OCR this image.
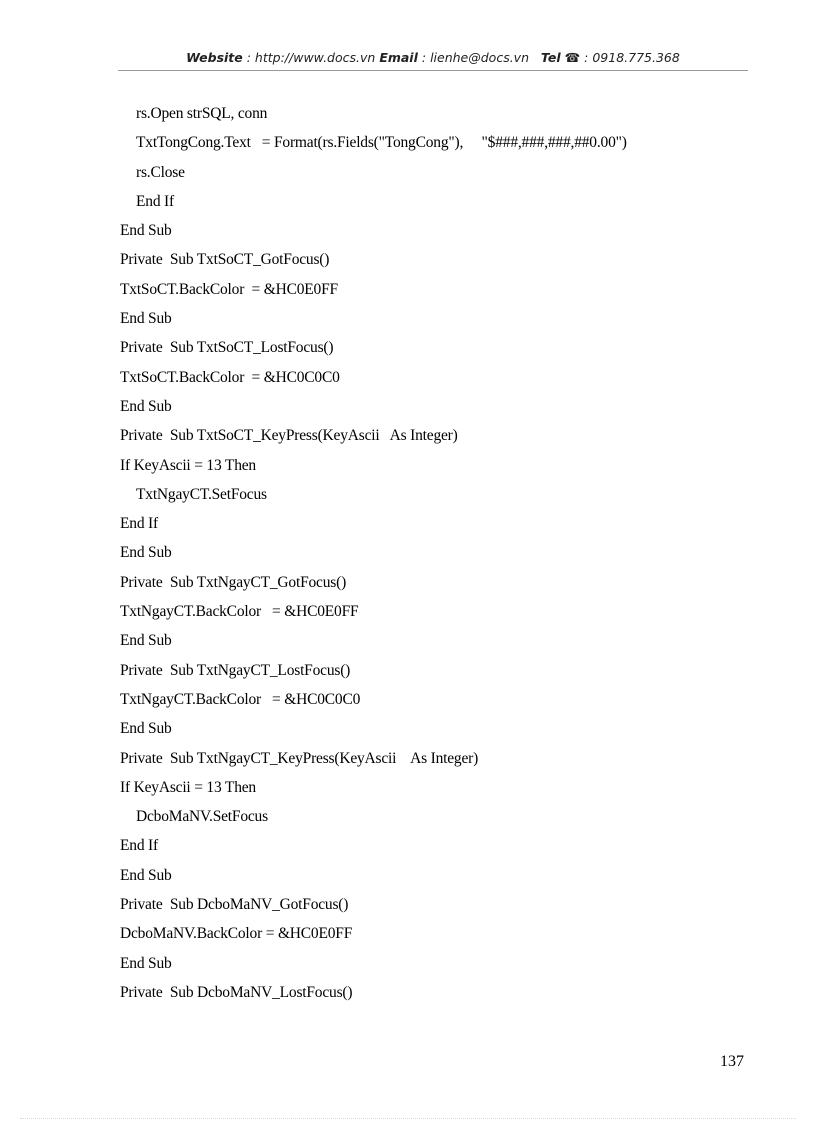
Website : http://www.docs.vn Email : lienhe@docs.vn Tel ☎ : 0918.775.368
rs.Open strSQL, conn
TxtTongCong.Text   = Format(rs.Fields("TongCong"),     "$###,###,###,##0.00")
rs.Close
End If
End Sub
Private  Sub TxtSoCT_GotFocus()
TxtSoCT.BackColor  = &HC0E0FF
End Sub
Private  Sub TxtSoCT_LostFocus()
TxtSoCT.BackColor  = &HC0C0C0
End Sub
Private  Sub TxtSoCT_KeyPress(KeyAscii   As Integer)
If KeyAscii = 13 Then
TxtNgayCT.SetFocus
End If
End Sub
Private  Sub TxtNgayCT_GotFocus()
TxtNgayCT.BackColor   = &HC0E0FF
End Sub
Private  Sub TxtNgayCT_LostFocus()
TxtNgayCT.BackColor   = &HC0C0C0
End Sub
Private  Sub TxtNgayCT_KeyPress(KeyAscii    As Integer)
If KeyAscii = 13 Then
DcboMaNV.SetFocus
End If
End Sub
Private  Sub DcboMaNV_GotFocus()
DcboMaNV.BackColor = &HC0E0FF
End Sub
Private  Sub DcboMaNV_LostFocus()
137
